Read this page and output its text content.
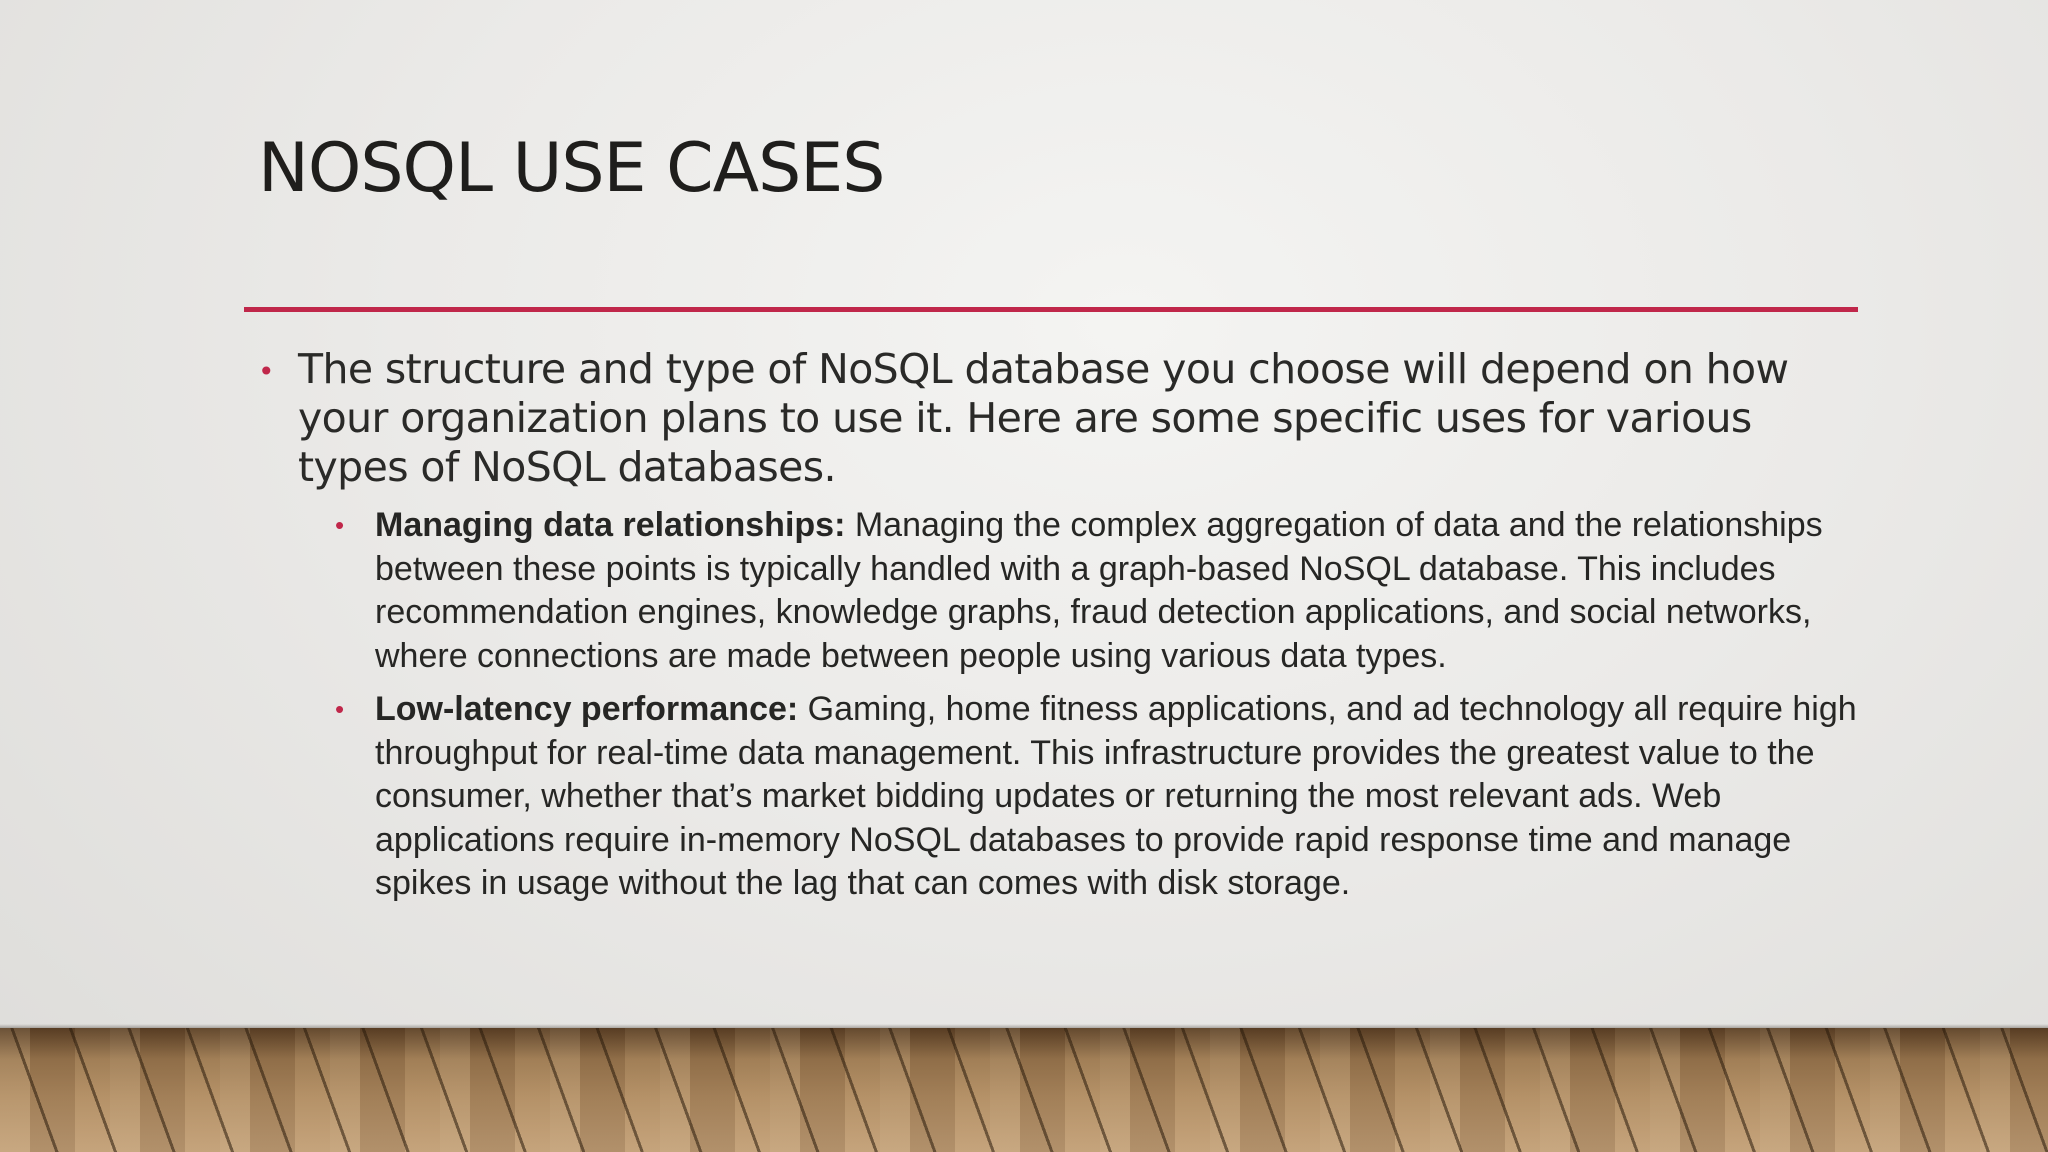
NOSQL USE CASES
• The structure and type of NoSQL database you choose will depend on how your organization plans to use it. Here are some specific uses for various types of NoSQL databases.
• Managing data relationships: Managing the complex aggregation of data and the relationships between these points is typically handled with a graph-based NoSQL database. This includes recommendation engines, knowledge graphs, fraud detection applications, and social networks, where connections are made between people using various data types.
• Low-latency performance: Gaming, home fitness applications, and ad technology all require high throughput for real-time data management. This infrastructure provides the greatest value to the consumer, whether that’s market bidding updates or returning the most relevant ads. Web applications require in-memory NoSQL databases to provide rapid response time and manage spikes in usage without the lag that can comes with disk storage.
